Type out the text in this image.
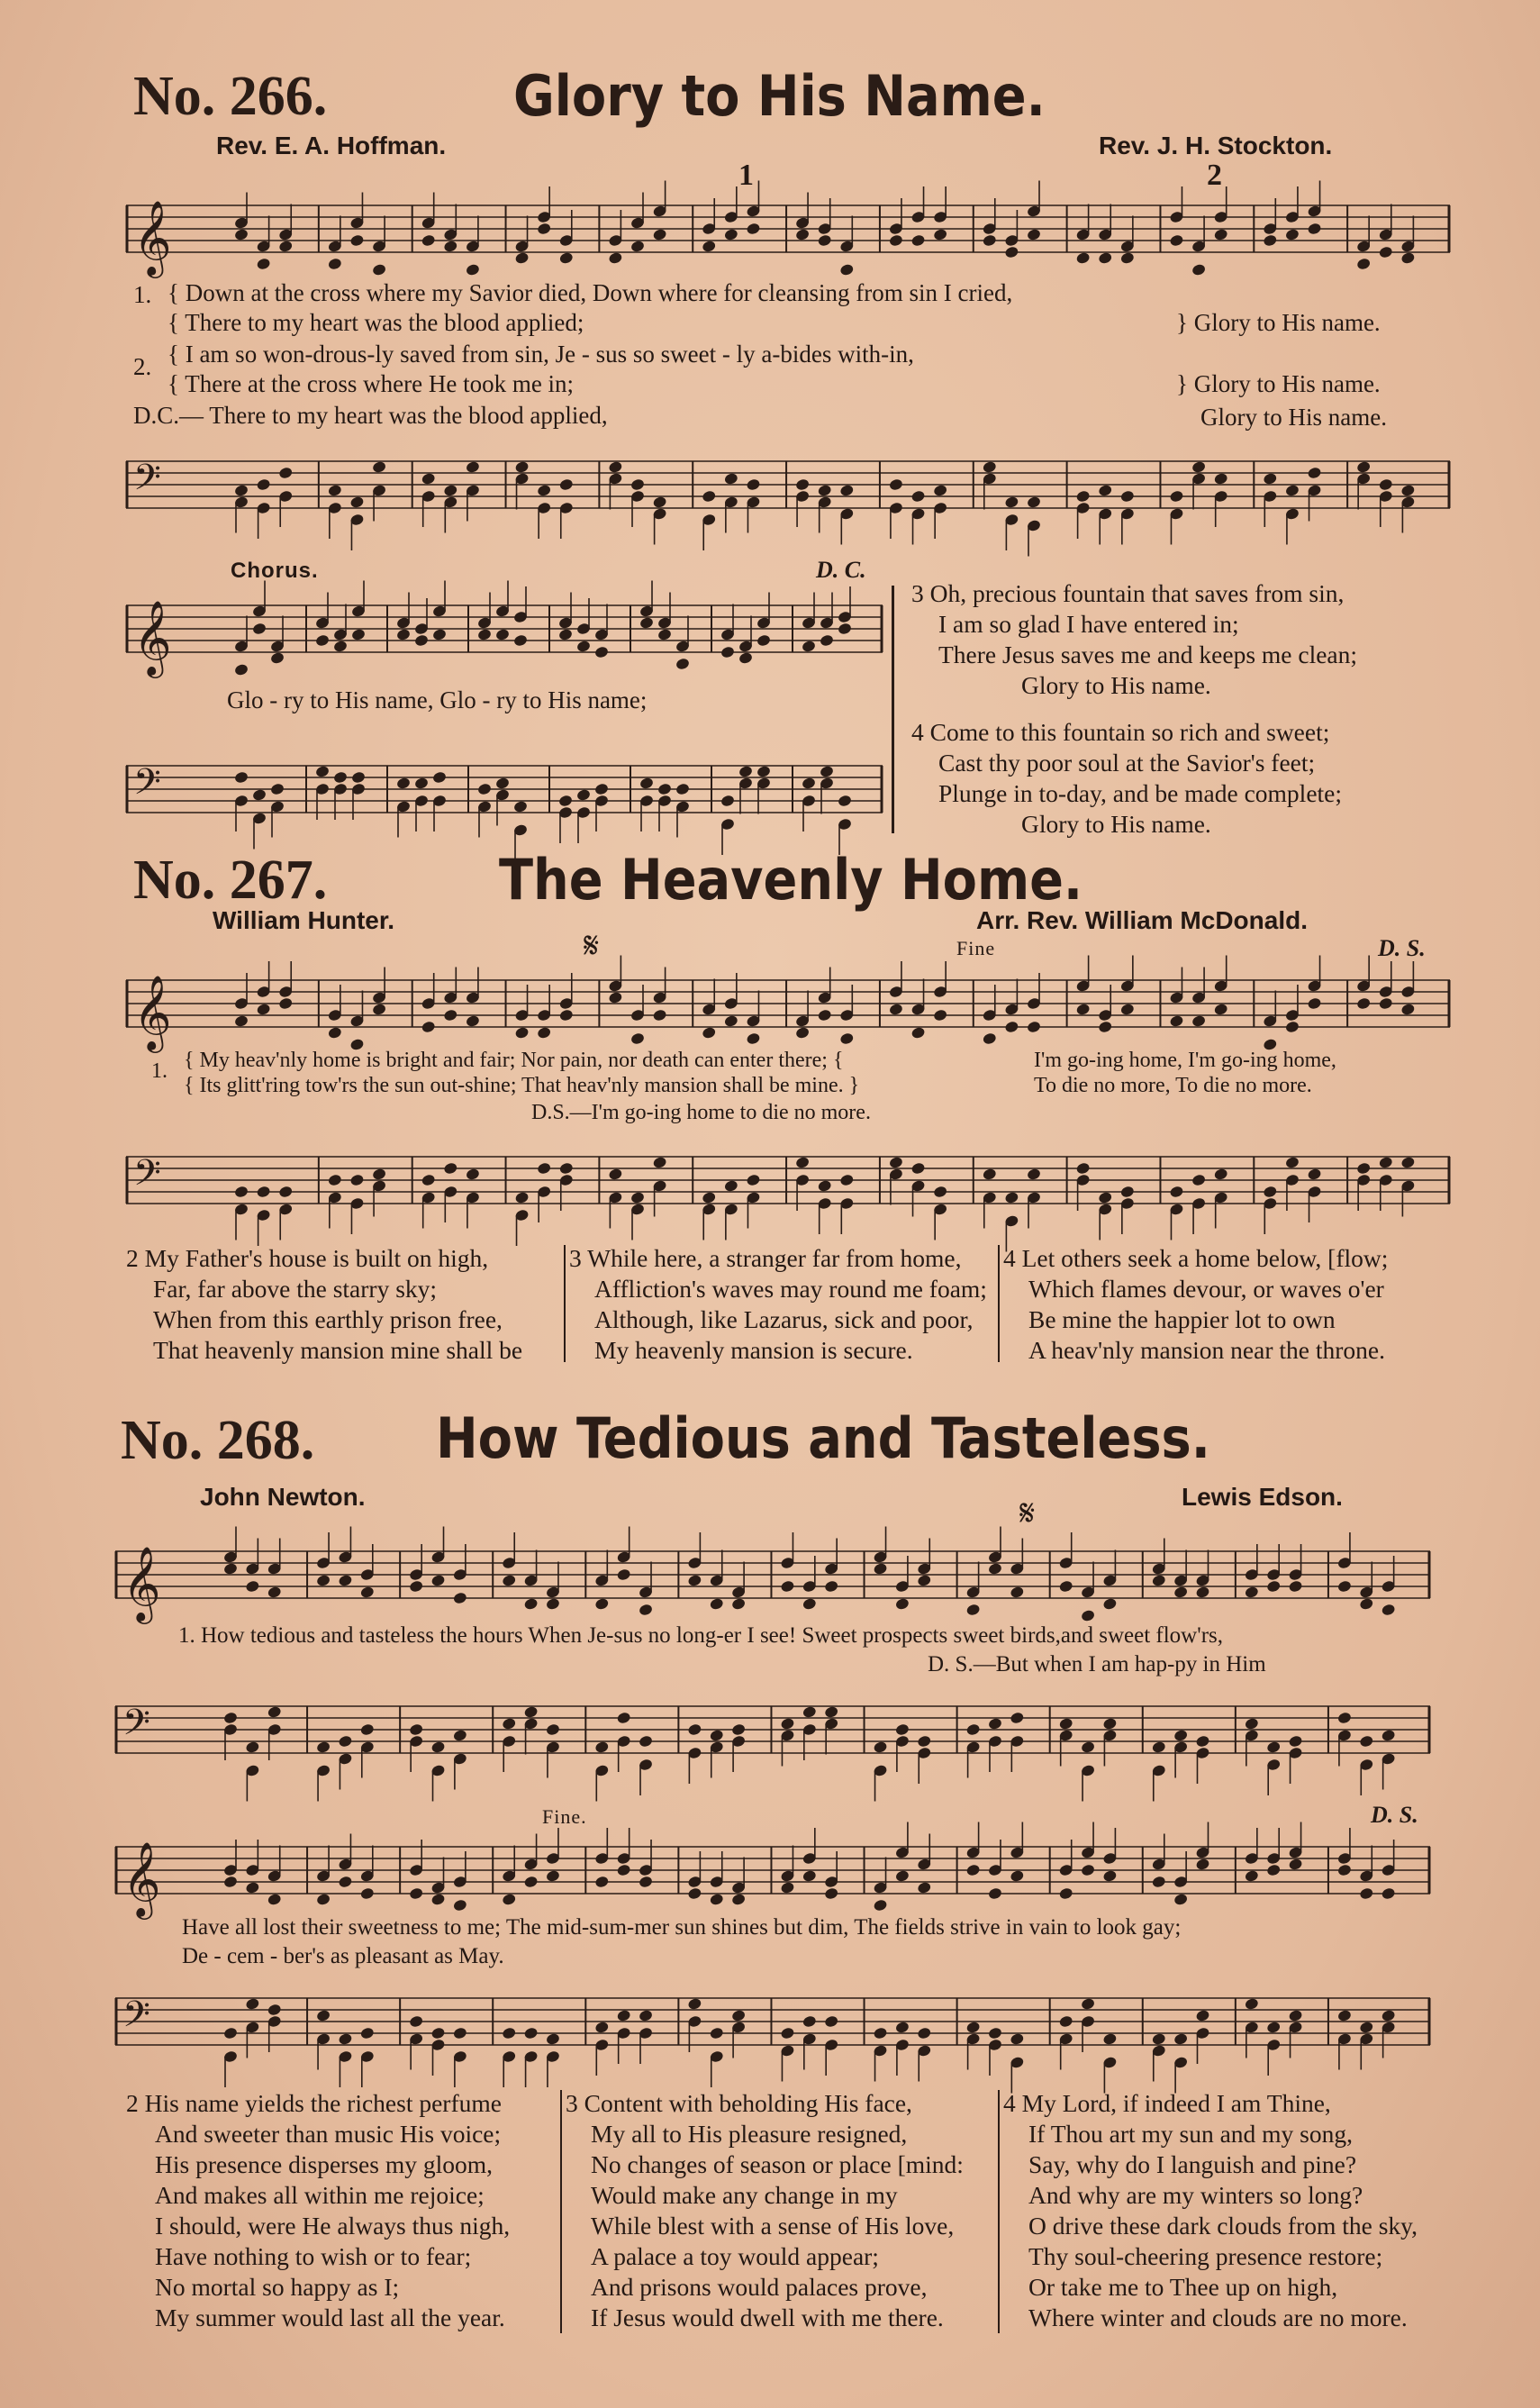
No. 266.	Glory to His Name.
Rev. E. A. Hoffman.	Rev. J. H. Stockton.
𝄞
1	2
1. { Down at the cross where my Savior died, Down where for cleansing from sin I cried,
{ There to my heart was the blood applied;	} Glory to His name.
2. { I am so won-drous-ly saved from sin, Je - sus so sweet - ly a-bides with-in,
{ There at the cross where He took me in;	} Glory to His name.
D.C.— There to my heart was the blood applied,	Glory to His name.
𝄢
Chorus.	D. C.
𝄞
Glo - ry to His name, Glo - ry to His name;
𝄢
3 Oh, precious fountain that saves from sin,
I am so glad I have entered in;
There Jesus saves me and keeps me clean;
Glory to His name.
4 Come to this fountain so rich and sweet;
Cast thy poor soul at the Savior's feet;
Plunge in to-day, and be made complete;
Glory to His name.
No. 267.	The Heavenly Home.
William Hunter.	Arr. Rev. William McDonald.
𝄋	Fine	D. S.
𝄞
1. { My heav'nly home is bright and fair; Nor pain, nor death can enter there; {
{ Its glitt'ring tow'rs the sun out-shine; That heav'nly mansion shall be mine. }
I'm go-ing home, I'm go-ing home,
To die no more, To die no more.
D.S.—I'm go-ing home to die no more.
𝄢
2 My Father's house is built on high,
Far, far above the starry sky;
When from this earthly prison free,
That heavenly mansion mine shall be
3 While here, a stranger far from home,
Affliction's waves may round me foam;
Although, like Lazarus, sick and poor,
My heavenly mansion is secure.
4 Let others seek a home below, [flow;
Which flames devour, or waves o'er
Be mine the happier lot to own
A heav'nly mansion near the throne.
No. 268. How Tedious and Tasteless.
John Newton.	Lewis Edson.
𝄋
𝄞
1. How tedious and tasteless the hours When Je-sus no long-er I see! Sweet prospects sweet birds,and sweet flow'rs,
D. S.—But when I am hap-py in Him
𝄢
Fine.	D. S.
𝄞
Have all lost their sweetness to me; The mid-sum-mer sun shines but dim, The fields strive in vain to look gay;
De - cem - ber's as pleasant as May.
𝄢
2 His name yields the richest perfume
And sweeter than music His voice;
His presence disperses my gloom,
And makes all within me rejoice;
I should, were He always thus nigh,
Have nothing to wish or to fear;
No mortal so happy as I;
My summer would last all the year.
3 Content with beholding His face,
My all to His pleasure resigned,
No changes of season or place [mind:
Would make any change in my
While blest with a sense of His love,
A palace a toy would appear;
And prisons would palaces prove,
If Jesus would dwell with me there.
4 My Lord, if indeed I am Thine,
If Thou art my sun and my song,
Say, why do I languish and pine?
And why are my winters so long?
O drive these dark clouds from the sky,
Thy soul-cheering presence restore;
Or take me to Thee up on high,
Where winter and clouds are no more.
